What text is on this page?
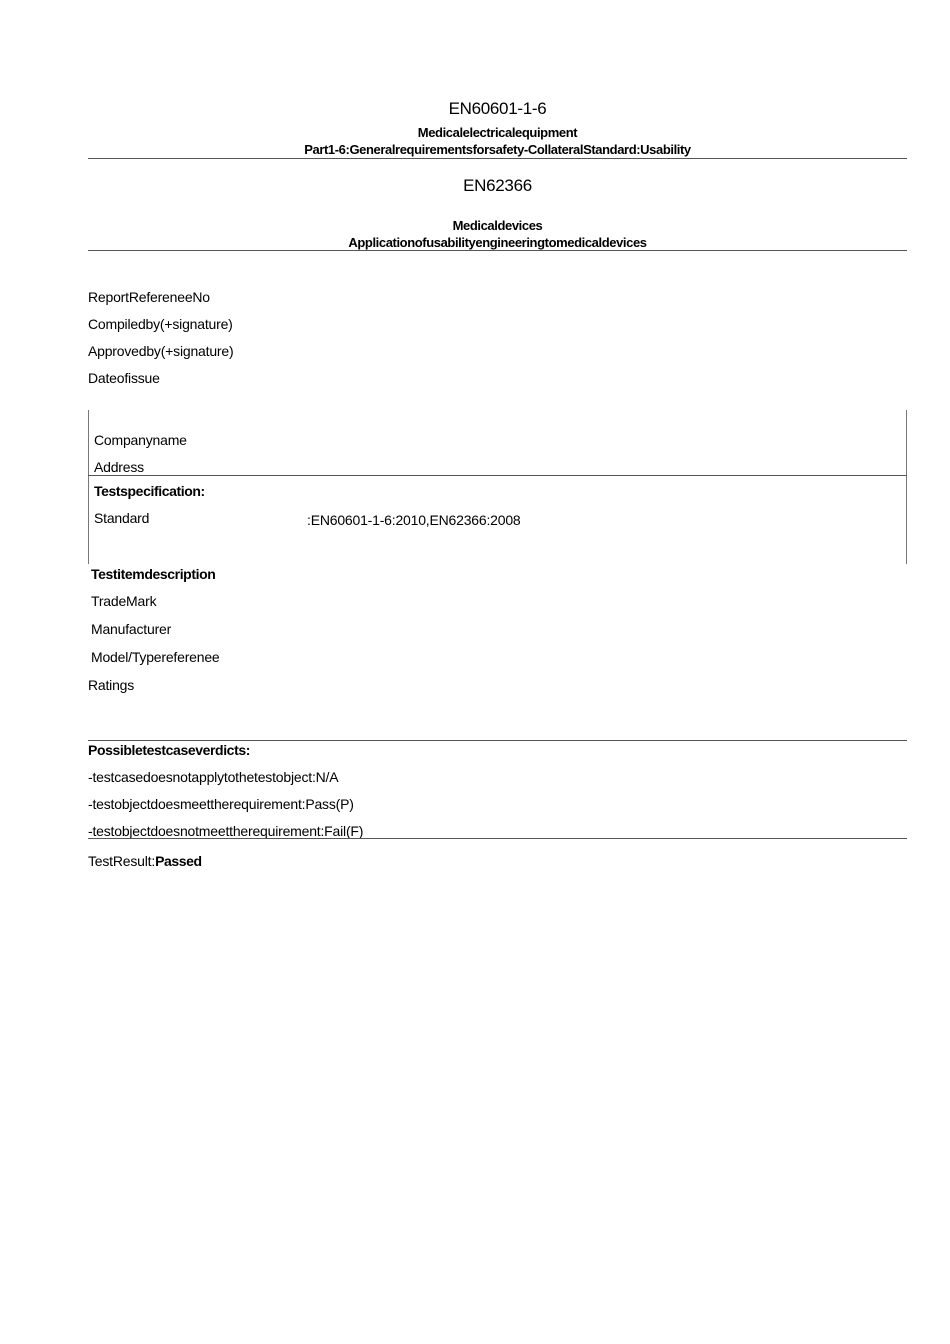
EN60601-1-6
Medicalelectricalequipment
Part1-6:Generalrequirementsforsafety-CollateralStandard:Usability
EN62366
Medicaldevices
Applicationofusabilityengineeringtomedicaldevices
ReportRefereneeNo
Compiledby(+signature)
Approvedby(+signature)
Dateofissue
Companyname
Address
Testspecification:
Standard	:EN60601-1-6:2010,EN62366:2008
Testitemdescription
TradeMark
Manufacturer
Model/Typereferenee
Ratings
Possibletestcaseverdicts:
-testcasedoesnotapplytothetestobject:N/A
-testobjectdoesmeettherequirement:Pass(P)
-testobjectdoesnotmeettherequirement:Fail(F)
TestResult:Passed
